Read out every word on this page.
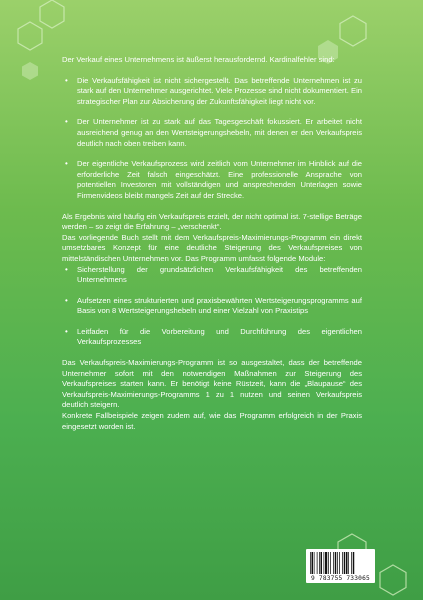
Der Verkauf eines Unternehmens ist äußerst herausfordernd. Kardinalfehler sind:

• Die Verkaufsfähigkeit ist nicht sichergestellt. Das betreffende Unternehmen ist zu stark auf den Unternehmer ausgerichtet. Viele Prozesse sind nicht dokumentiert. Ein strategischer Plan zur Absicherung der Zukunftsfähigkeit liegt nicht vor.
• Der Unternehmer ist zu stark auf das Tagesgeschäft fokussiert. Er arbeitet nicht ausreichend genug an den Wertsteigerungshebeln, mit denen er den Verkaufspreis deutlich nach oben treiben kann.
• Der eigentliche Verkaufsprozess wird zeitlich vom Unternehmer im Hinblick auf die erforderliche Zeit falsch eingeschätzt. Eine professionelle Ansprache von potentiellen Investoren mit vollständigen und ansprechenden Unterlagen sowie Firmenvideos bleibt mangels Zeit auf der Strecke.

Als Ergebnis wird häufig ein Verkaufspreis erzielt, der nicht optimal ist. 7-stellige Beträge werden – so zeigt die Erfahrung – „verschenkt“.

Das vorliegende Buch stellt mit dem Verkaufspreis-Maximierungs-Programm ein direkt umsetzbares Konzept für eine deutliche Steigerung des Verkaufspreises von mittelständischen Unternehmen vor. Das Programm umfasst folgende Module:

• Sicherstellung der grundsätzlichen Verkaufsfähigkeit des betreffenden Unternehmens
• Aufsetzen eines strukturierten und praxisbewährten Wertsteigerungsprogramms auf Basis von 8 Wertsteigerungshebeln und einer Vielzahl von Praxistips
• Leitfaden für die Vorbereitung und Durchführung des eigentlichen Verkaufsprozesses

Das Verkaufspreis-Maximierungs-Programm ist so ausgestaltet, dass der betreffende Unternehmer sofort mit den notwendigen Maßnahmen zur Steigerung des Verkaufspreises starten kann. Er benötigt keine Rüstzeit, kann die „Blaupause“ des Verkaufspreis-Maximierungs-Programms 1 zu 1 nutzen und seinen Verkaufspreis deutlich steigern.

Konkrete Fallbeispiele zeigen zudem auf, wie das Programm erfolgreich in der Praxis eingesetzt worden ist.

9 783755 733065
